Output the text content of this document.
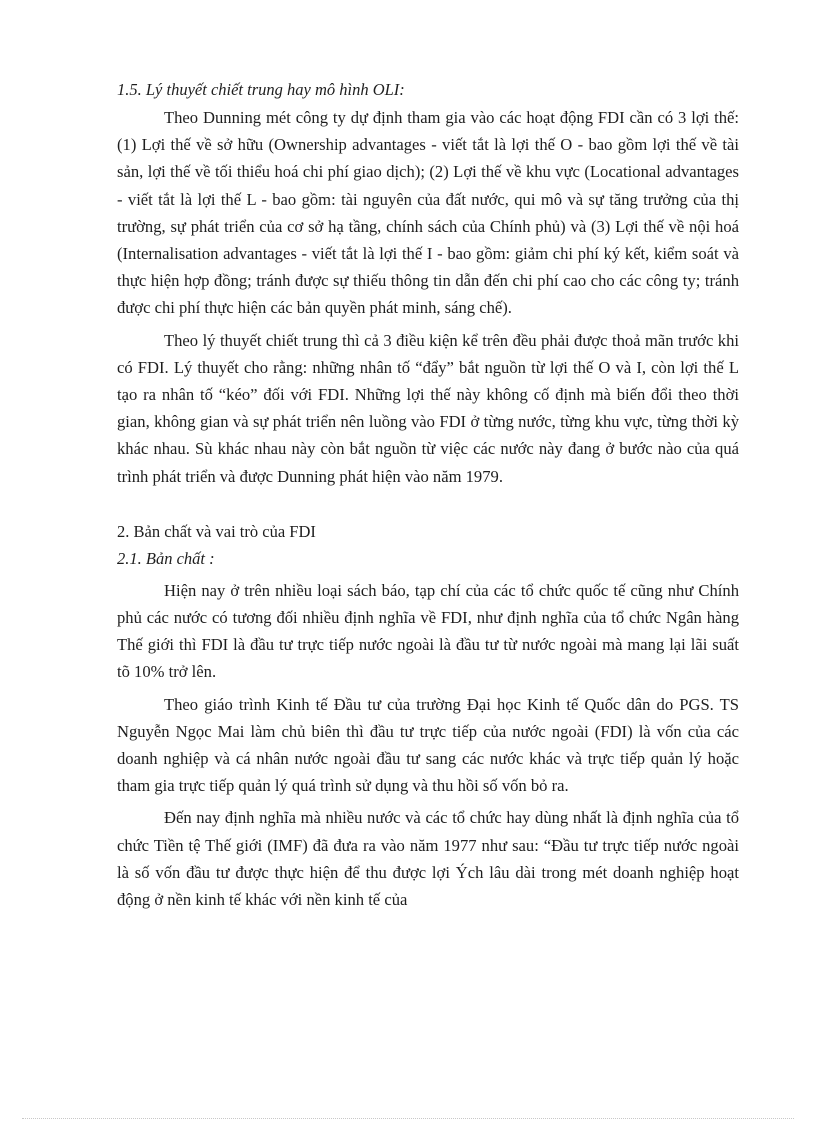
1.5. Lý thuyết chiết trung hay mô hình OLI:

Theo Dunning mét công ty dự định tham gia vào các hoạt động FDI cần có 3 lợi thế: (1) Lợi thế về sở hữu (Ownership advantages - viết tắt là lợi thế O - bao gồm lợi thế về tài sản, lợi thế về tối thiểu hoá chi phí giao dịch); (2) Lợi thế về khu vực (Locational advantages - viết tắt là lợi thế L - bao gồm: tài nguyên của đất nước, qui mô và sự tăng trưởng của thị trường, sự phát triển của cơ sở hạ tầng, chính sách của Chính phủ) và (3) Lợi thế về nội hoá (Internalisation advantages - viết tắt là lợi thế I - bao gồm: giảm chi phí ký kết, kiểm soát và thực hiện hợp đồng; tránh được sự thiếu thông tin dẫn đến chi phí cao cho các công ty; tránh được chi phí thực hiện các bản quyền phát minh, sáng chế).

Theo lý thuyết chiết trung thì cả 3 điều kiện kể trên đều phải được thoả mãn trước khi có FDI. Lý thuyết cho rằng: những nhân tố “đẩy” bắt nguồn từ lợi thế O và I, còn lợi thế L tạo ra nhân tố “kéo” đối với FDI. Những lợi thế này không cố định mà biến đổi theo thời gian, không gian và sự phát triển nên luồng vào FDI ở từng nước, từng khu vực, từng thời kỳ khác nhau. Sù khác nhau này còn bắt nguồn từ việc các nước này đang ở bước nào của quá trình phát triển và được Dunning phát hiện vào năm 1979.

2. Bản chất và vai trò của FDI
2.1. Bản chất :

Hiện nay ở trên nhiều loại sách báo, tạp chí của các tổ chức quốc tế cũng như Chính phủ các nước có tương đối nhiều định nghĩa về FDI, như định nghĩa của tổ chức Ngân hàng Thế giới thì FDI là đầu tư trực tiếp nước ngoài là đầu tư từ nước ngoài mà mang lại lãi suất tõ 10% trở lên.

Theo giáo trình Kinh tế Đầu tư của trường Đại học Kinh tế Quốc dân do PGS. TS Nguyễn Ngọc Mai làm chủ biên thì đầu tư trực tiếp của nước ngoài (FDI) là vốn của các doanh nghiệp và cá nhân nước ngoài đầu tư sang các nước khác và trực tiếp quản lý hoặc tham gia trực tiếp quản lý quá trình sử dụng và thu hồi số vốn bỏ ra.

Đến nay định nghĩa mà nhiều nước và các tổ chức hay dùng nhất là định nghĩa của tổ chức Tiền tệ Thế giới (IMF) đã đưa ra vào năm 1977 như sau: “Đầu tư trực tiếp nước ngoài là số vốn đầu tư được thực hiện để thu được lợi Ých lâu dài trong mét doanh nghiệp hoạt động ở nền kinh tế khác với nền kinh tế của
